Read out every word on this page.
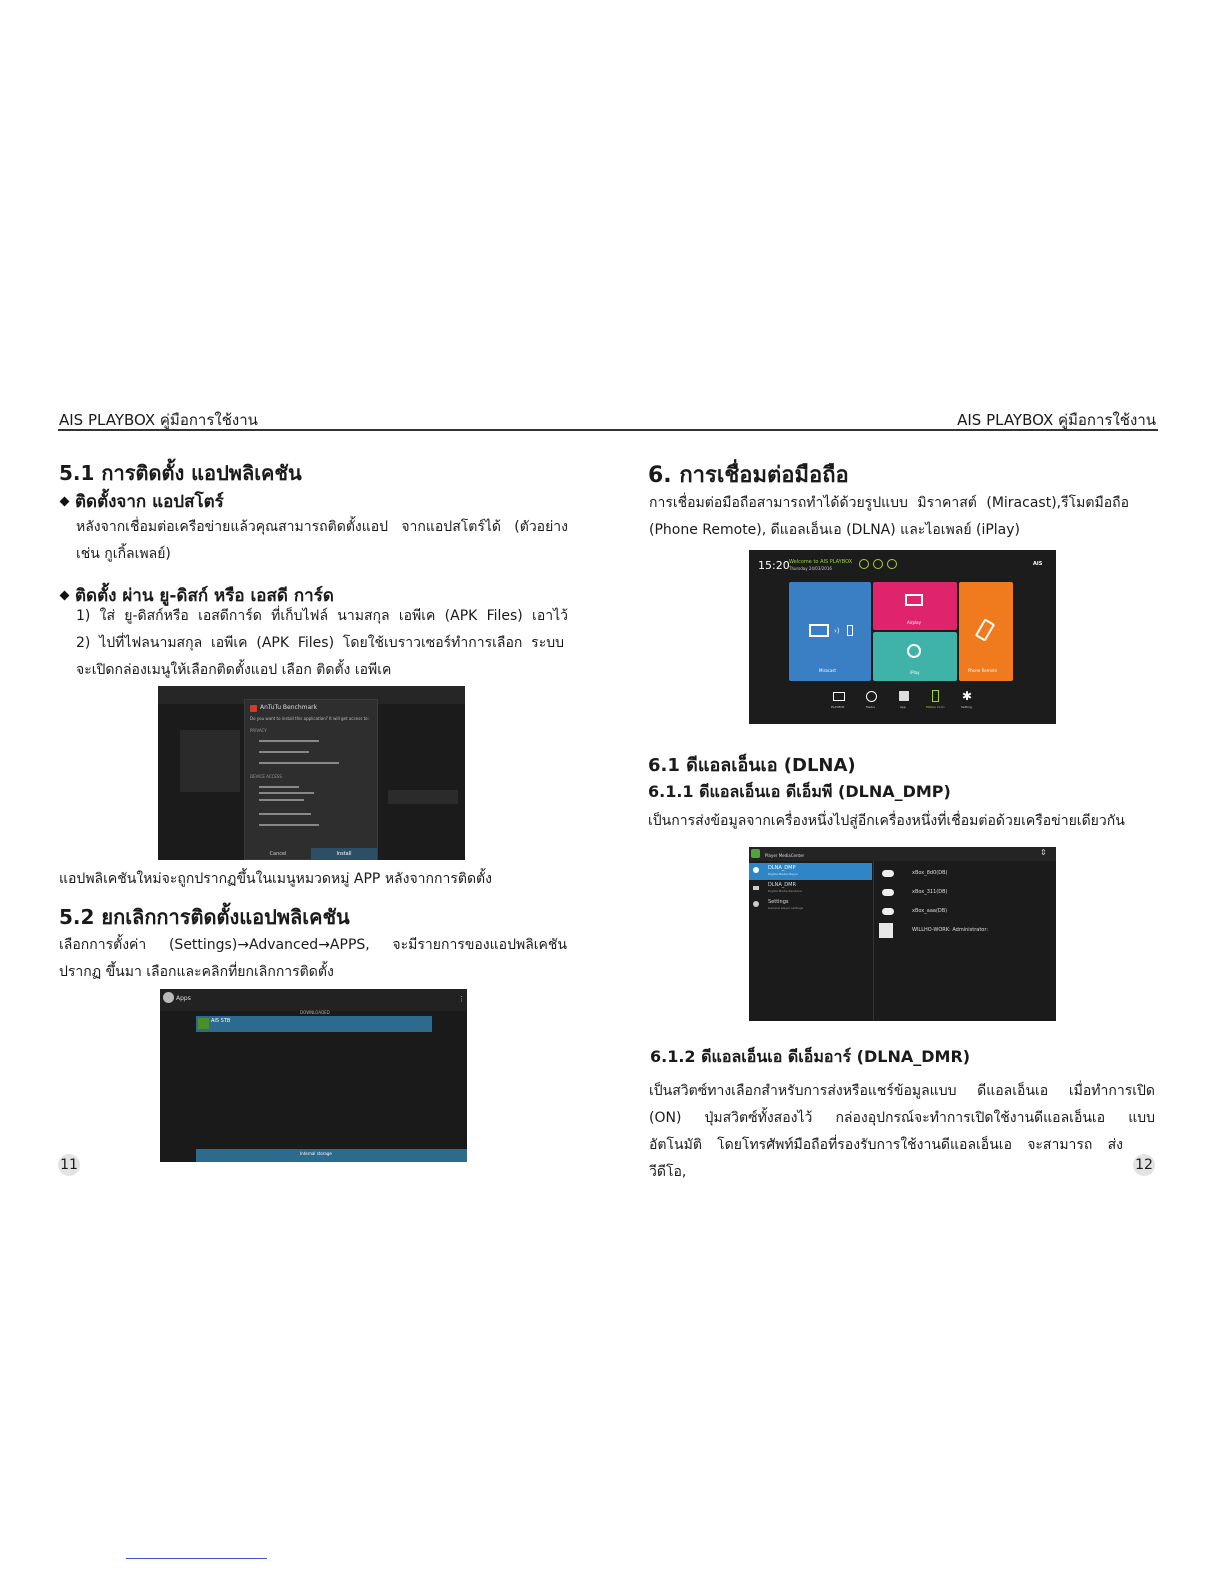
AIS PLAYBOX คู่มือการใช้งาน	AIS PLAYBOX คู่มือการใช้งาน
5.1 การติดตั้ง แอปพลิเคชัน
ติดตั้งจาก แอปสโตร์
หลังจากเชื่อมต่อเครือข่ายแล้วคุณสามารถติดตั้งแอป จากแอปสโตร์ได้ (ตัวอย่าง
เช่น กูเกิ้ลเพลย์)
ติดตั้ง ผ่าน ยู-ดิสก์ หรือ เอสดี การ์ด
1) ใส่ ยู-ดิสก์หรือ เอสดีการ์ด ที่เก็บไฟล์ นามสกุล เอพีเค (APK Files) เอาไว้
2) ไปที่ไฟลนามสกุล เอพีเค (APK Files) โดยใช้เบราวเซอร์ทำการเลือก ระบบ
จะเปิดกล่องเมนูให้เลือกติดตั้งแอป เลือก ติดตั้ง เอพีเค
AnTuTu Benchmark
Do you want to install this application? It will get access to:
PRIVACY
DEVICE ACCESS
Cancel	Install
แอปพลิเคชันใหม่จะถูกปรากฏขึ้นในเมนูหมวดหมู่ APP หลังจากการติดตั้ง
5.2 ยกเลิกการติดตั้งแอปพลิเคชัน
เลือกการตั้งค่า (Settings)→Advanced→APPS, จะมีรายการของแอปพลิเคชัน
ปรากฏ ขึ้นมา เลือกและคลิกที่ยกเลิกการติดตั้ง
Apps	⋮
DOWNLOADED
AIS STB
Internal storage
11
6. การเชื่อมต่อมือถือ
การเชื่อมต่อมือถือสามารถทำได้ด้วยรูปแบบ มิราคาสต์ (Miracast),รีโมตมือถือ
(Phone Remote), ดีแอลเอ็นเอ (DLNA) และไอเพลย์ (iPlay)
15:20 Welcome to AIS PLAYBOX
Thursday 24/03/2016
AIS
›)
Miracast
Airplay
iPlay	Phone Remote
✱
PLAYBOX	Media	App	Mobile Conn	Setting
6.1 ดีแอลเอ็นเอ (DLNA)
6.1.1 ดีแอลเอ็นเอ ดีเอ็มพี (DLNA_DMP)
เป็นการส่งข้อมูลจากเครื่องหนึ่งไปสู่อีกเครื่องหนึ่งที่เชื่อมต่อด้วยเครือข่ายเดียวกัน
Player MediaCenter	⇕
DLNA_DMP
Digital Media Player
DLNA_DMR
Digital Media Renderer
Settings
General player settings
xBox_8d0(DB)
xBox_311(DB)
xBox_aaa(DB)
WILLHO-WORK: Administrator:
6.1.2 ดีแอลเอ็นเอ ดีเอ็มอาร์ (DLNA_DMR)
เป็นสวิตซ์ทางเลือกสำหรับการส่งหรือแชร์ข้อมูลแบบ ดีแอลเอ็นเอ เมื่อทำการเปิด
(ON) ปุ่มสวิตซ์ทั้งสองไว้ กล่องอุปกรณ์จะทำการเปิดใช้งานดีแอลเอ็นเอ แบบ
อัตโนมัติ โดยโทรศัพท์มือถือที่รองรับการใช้งานดีแอลเอ็นเอ จะสามารถ ส่งวีดีโอ,	12
